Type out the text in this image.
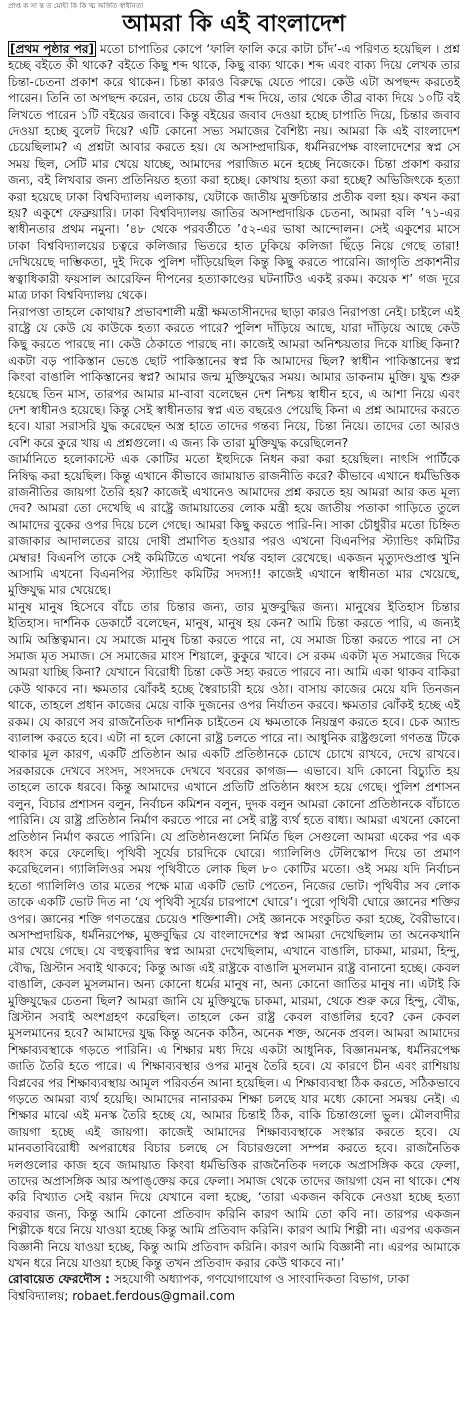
প্রাপ্ত ক সা ন্ত ত মোহী কি কি ত্ম অর্জিত স্বাধীনতা
আমরা কি এই বাংলাদেশ

[প্রথম পৃষ্ঠার পর] মতো চাপাতির কোপে ‘ফালি ফালি করে কাটা চাঁদ’-এ পরিণত হয়েছিল । প্রশ্ন হচ্ছে বইতে কী থাকে? বইতে কিছু শব্দ থাকে, কিছু বাক্য থাকে। শব্দ এবং বাক্য দিয়ে লেখক তার চিন্তা-চেতনা প্রকাশ করে থাকেন। চিন্তা কারও বিরুদ্ধে যেতে পারে। কেউ এটা অপছন্দ করতেই পারেন। তিনি তা অপছন্দ করেন, তার চেয়ে তীব্র শব্দ দিয়ে, তার থেকে তীব্র বাক্য দিয়ে ১০টি বই লিখতে পারেন ১টি বইয়ের জবাবে। কিন্তু বইয়ের জবাব দেওয়া হচ্ছে চাপাতি দিয়ে, চিন্তার জবাব দেওয়া হচ্ছে বুলেট দিয়ে? এটি কোনো সভ্য সমাজের বৈশিষ্ট্য নয়। আমরা কি এই বাংলাদেশ চেয়েছিলাম? এ প্রশ্নটা আবার করতে হয়। যে অসাম্প্রদায়িক, ধর্মনিরপেক্ষ বাংলাদেশের স্বপ্ন সে সময় ছিল, সেটি মার খেয়ে যাচ্ছে, আমাদের পরাজিত মনে হচ্ছে নিজেকে। চিন্তা প্রকাশ করার জন্য, বই লিখবার জন্য প্রতিনিয়ত হত্যা করা হচ্ছে। কোথায় হত্যা করা হচ্ছে? অভিজিৎকে হত্যা করা হয়েছে ঢাকা বিশ্ববিদ্যালয় এলাকায়, যেটাকে জাতীয় মুক্তচিন্তার প্রতীক বলা হয়। কখন করা হয়? একুশে ফেব্রুয়ারি। ঢাকা বিশ্ববিদ্যালয় জাতির অসাম্প্রদায়িক চেতনা, আমরা বলি ’৭১-এর স্বাধীনতার প্রথম নমুনা। ’৪৮ থেকে পরবর্তীতে ’৫২-এর ভাষা আন্দোলন। সেই একুশের মাসে ঢাকা বিশ্ববিদ্যালয়ের চত্বরে কলিজার ভিতরে হাত ঢুকিয়ে কলিজা ছিঁড়ে নিয়ে গেছে তারা! দেখিয়েছে দাম্ভিকতা, দুই দিকে পুলিশ দাঁড়িয়েছিল কিন্তু কিছু করতে পারেনি। জাগৃতি প্রকাশনীর স্বত্বাধিকারী ফয়সাল আরেফিন দীপনের হত্যাকাণ্ডের ঘটনাটিও একই রকম। কয়েক শ’ গজ দূরে মাত্র ঢাকা বিশ্ববিদ্যালয় থেকে।

নিরাপত্তা তাহলে কোথায়? প্রভাবশালী মন্ত্রী ক্ষমতাসীনদের ছাড়া কারও নিরাপত্তা নেই। চাইলে এই রাষ্ট্রে যে কেউ যে কাউকে হত্যা করতে পারে? পুলিশ দাঁড়িয়ে আছে, যারা দাঁড়িয়ে আছে কেউ কিছু করতে পারছে না। কেউ ঠেকাতে পারছে না। কাজেই আমরা অনিশ্চয়তার দিকে যাচ্ছি কিনা? একটা বড় পাকিস্তান ভেঙে ছোট পাকিস্তানের স্বপ্ন কি আমাদের ছিল? স্বাধীন পাকিস্তানের স্বপ্ন কিংবা বাঙালি পাকিস্তানের স্বপ্ন? আমার জন্ম মুক্তিযুদ্ধের সময়। আমার ডাকনাম মুক্তি। যুদ্ধ শুরু হয়েছে তিন মাস, তারপর আমার মা-বাবা বলেছেন দেশ নিশ্চয় স্বাধীন হবে, এ আশা নিয়ে এবং দেশ স্বাধীনও হয়েছে। কিন্তু সেই স্বাধীনতার স্বপ্ন এত বছরেও পেয়েছি কিনা এ প্রশ্ন আমাদের করতে হবে। যারা সরাসরি যুদ্ধ করেছেন অস্ত্র হাতে তাদের গন্তব্য নিয়ে, চিন্তা নিয়ে। তাদের তো আরও বেশি করে কুরে খায় এ প্রশ্নগুলো। এ জন্য কি তারা মুক্তিযুদ্ধ করেছিলেন?

জার্মানিতে হলোকাস্টে এক কোটির মতো ইহুদিকে নিধন করা করা হয়েছিল। নাৎসি পার্টিকে নিষিদ্ধ করা হয়েছিল। কিন্তু এখানে কীভাবে জামায়াত রাজনীতি করে? কীভাবে এখানে ধর্মভিত্তিক রাজনীতির জায়গা তৈরি হয়? কাজেই এখানেও আমাদের প্রশ্ন করতে হয় আমরা আর কত মূল্য দেব? আমরা তো দেখেছি এ রাষ্ট্রে জামায়াতের লোক মন্ত্রী হয়ে জাতীয় পতাকা গাড়িতে তুলে আমাদের বুকের ওপর দিয়ে চলে গেছে। আমরা কিছু করতে পারি-নি। সাকা চৌধুরীর মতো চিহ্নিত রাজাকার আদালতের রায়ে দোষী প্রমাণিত হওয়ার পরও এখনো বিএনপির স্ট্যান্ডিং কমিটির মেম্বার! বিএনপি তাকে সেই কমিটিতে এখনো পর্যন্ত বহাল রেখেছে। একজন মৃত্যুদণ্ডপ্রাপ্ত খুনি আসামি এখনো বিএনপির স্ট্যান্ডিং কমিটির সদস্য!! কাজেই এখানে স্বাধীনতা মার খেয়েছে, মুক্তিযুদ্ধ মার খেয়েছে।

মানুষ মানুষ হিসেবে বাঁচে তার চিন্তার জন্য, তার মুক্তবুদ্ধির জন্য। মানুষের ইতিহাস চিন্তার ইতিহাস। দার্শনিক ডেকার্টে বলেছেন, মানুষ, মানুষ হয় কেন? আমি চিন্তা করতে পারি, এ জন্যই আমি অস্তিত্বমান। যে সমাজে মানুষ চিন্তা করতে পারে না, যে সমাজ চিন্তা করতে পারে না সে সমাজ মৃত সমাজ। সে সমাজের মাংস শিয়ালে, কুকুরে খাবে। সে রকম একটা মৃত সমাজের দিকে আমরা যাচ্ছি কিনা? যেখানে বিরোধী চিন্তা কেউ সহ্য করতে পারবে না। আমি একা থাকব বাকিরা কেউ থাকবে না। ক্ষমতার ঝোঁকই হচ্ছে স্বৈরাচারী হয়ে ওঠা। বাসায় কাজের মেয়ে যদি তিনজন থাকে, তাহলে প্রধান কাজের মেয়ে বাকি দুজনের ওপর নির্যাতন করবে। ক্ষমতার ঝোঁকই হচ্ছে এই রকম। যে কারণে সব রাজনৈতিক দার্শনিক চাইতেন যে ক্ষমতাকে নিয়ন্ত্রণ করতে হবে। চেক অ্যান্ড ব্যালান্স করতে হবে। এটা না হলে কোনো রাষ্ট্র চলতে পারে না। আধুনিক রাষ্ট্রগুলো গণতন্ত্র টিকে থাকার মূল কারণ, একটি প্রতিষ্ঠান আর একটি প্রতিষ্ঠানকে চোখে চোখে রাখবে, দেখে রাখবে। সরকারকে দেখবে সংসদ, সংসদকে দেখবে খবরের কাগজ— এভাবে। যদি কোনো বিচ্যুতি হয় তাহলে তাকে ধরবে। কিন্তু আমাদের এখানে প্রতিটি প্রতিষ্ঠান ধ্বংস হয়ে গেছে। পুলিশ প্রশাসন বলুন, বিচার প্রশাসন বলুন, নির্বাচন কমিশন বলুন, দুদক বলুন আমরা কোনো প্রতিষ্ঠানকে বাঁচাতে পারিনি। যে রাষ্ট্র প্রতিষ্ঠান নির্মাণ করতে পারে না সেই রাষ্ট্র ব্যর্থ হতে বাধ্য। আমরা এখনো কোনো প্রতিষ্ঠান নির্মাণ করতে পারিনি। যে প্রতিষ্ঠানগুলো নির্মিত ছিল সেগুলো আমরা একের পর এক ধ্বংস করে ফেলেছি। পৃথিবী সূর্যের চারদিকে ঘোরে। গ্যালিলিও টেলিস্কোপ দিয়ে তা প্রমাণ করেছিলেন। গ্যালিলিওর সময় পৃথিবীতে লোক ছিল ৮০ কোটির মতো। ওই সময় যদি নির্বাচন হতো গ্যালিলিও তার মতের পক্ষে মাত্র একটি ভোট পেতেন, নিজের ভোট। পৃথিবীর সব লোক তাকে একটি ভোট দিত না ‘যে পৃথিবী সূর্যের চারপাশে ঘোরে’। পুরো পৃথিবী ঘোরে জ্ঞানের শক্তির ওপর। জ্ঞানের শক্তি গণতন্ত্রের চেয়েও শক্তিশালী। সেই জ্ঞানকে সংকুচিত করা হচ্ছে, বৈরীভাবে। অসাম্প্রদায়িক, ধর্মনিরপেক্ষ, মুক্তবুদ্ধির যে বাংলাদেশের স্বপ্ন আমরা দেখেছিলাম তা অনেকখানি মার খেয়ে গেছে। যে বহুত্ববাদির স্বপ্ন আমরা দেখেছিলাম, এখানে বাঙালি, চাকমা, মারমা, হিন্দু, বৌদ্ধ, খ্রিস্টান সবাই থাকবে; কিন্তু আজ এই রাষ্ট্রকে বাঙালি মুসলমান রাষ্ট্র বানানো হচ্ছে। কেবল বাঙালি, কেবল মুসলমান। অন্য কোনো ধর্মের মানুষ না, অন্য কোনো জাতির মানুষ না। এটাই কি মুক্তিযুদ্ধের চেতনা ছিল? আমরা জানি যে মুক্তিযুদ্ধে চাকমা, মারমা, থেকে শুরু করে হিন্দু, বৌদ্ধ, খ্রিস্টান সবাই অংশগ্রহণ করেছিল। তাহলে কেন রাষ্ট্র কেবল বাঙালির হবে? কেন কেবল মুসলমানের হবে? আমাদের যুদ্ধ কিন্তু অনেক কঠিন, অনেক শক্ত, অনেক প্রবল। আমরা আমাদের শিক্ষাব্যবস্থাকে গড়তে পারিনি। এ শিক্ষার মধ্য দিয়ে একটা আধুনিক, বিজ্ঞানমনস্ক, ধর্মনিরপেক্ষ জাতি তৈরি হতে পারে। এ শিক্ষাব্যবস্থার ওপর মানুষ তৈরি হবে। যে কারণে চীন এবং রাশিয়ায় বিপ্লবের পর শিক্ষাব্যবস্থায় আমূল পরিবর্তন আনা হয়েছিল। এ শিক্ষাব্যবস্থা ঠিক করতে, সঠিকভাবে গড়তে আমরা ব্যর্থ হয়েছি। আমাদের নানারকম শিক্ষা চলছে যার মধ্যে কোনো সমন্বয় নেই। এ শিক্ষার মাঝে এই মনস্ক তৈরি হচ্ছে যে, আমার চিন্তাই ঠিক, বাকি চিন্তাগুলো ভুল। মৌলবাদীর জায়গা হচ্ছে এই জায়গা। কাজেই আমাদের শিক্ষাব্যবস্থাকে সংস্কার করতে হবে। যে মানবতাবিরোধী অপরাধের বিচার চলছে সে বিচারগুলো সম্পন্ন করতে হবে। রাজনৈতিক দলগুলোর কাজ হবে জামায়াত কিংবা ধর্মভিত্তিক রাজনৈতিক দলকে অপ্রাসঙ্গিক করে ফেলা, তাদের অপ্রাসঙ্গিক আর অপাঙ্‌ক্তেয় করে ফেলা। সমাজ থেকে তাদের জায়গা যেন না থাকে। শেষ করি বিখ্যাত সেই বয়ান দিয়ে যেখানে বলা হচ্ছে, ‘তারা একজন কবিকে নেওয়া হচ্ছে হত্যা করবার জন্য, কিন্তু আমি কোনো প্রতিবাদ করিনি কারণ আমি তো কবি না। তারপর একজন শিল্পীকে ধরে নিয়ে যাওয়া হচ্ছে কিন্তু আমি প্রতিবাদ করিনি। কারণ আমি শিল্পী না। এরপর একজন বিজ্ঞানী নিয়ে যাওয়া হচ্ছে, কিন্তু আমি প্রতিবাদ করিনি। কারণ আমি বিজ্ঞানী না। এরপর আমাকে যখন ধরে নিয়ে যাওয়া হচ্ছে কিন্তু তখন প্রতিবাদ করার কেউ থাকবে না।’

রোবায়েত ফেরদৌস : সহযোগী অধ্যাপক, গণযোগাযোগ ও সাংবাদিকতা বিভাগ, ঢাকা বিশ্ববিদ্যালয়; robaet.ferdous@gmail.com
